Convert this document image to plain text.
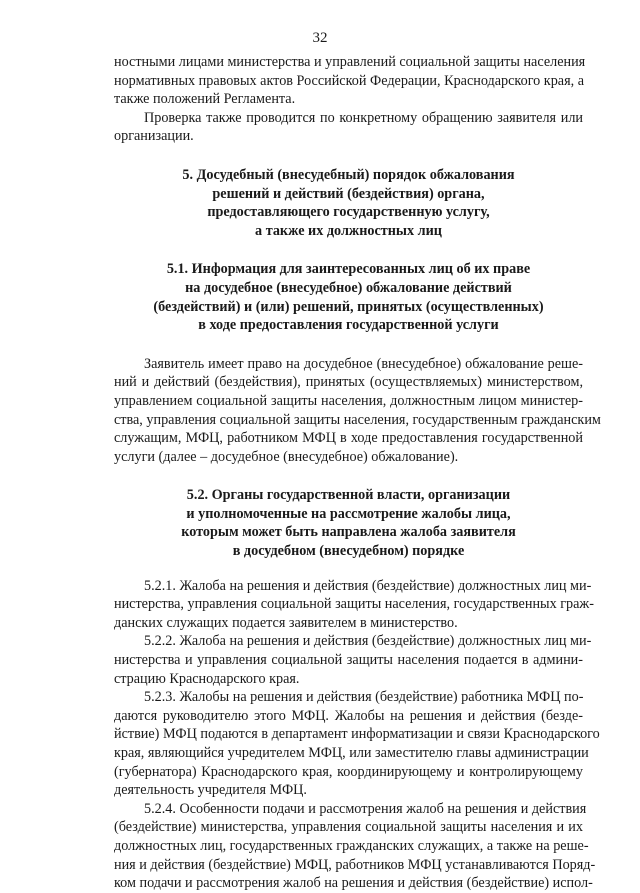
32

ностными лицами министерства и управлений социальной защиты населения
нормативных правовых актов Российской Федерации, Краснодарского края, а
также положений Регламента.

Проверка также проводится по конкретному обращению заявителя или
организации.

5. Досудебный (внесудебный) порядок обжалования
решений и действий (бездействия) органа,
предоставляющего государственную услугу,
а также их должностных лиц

5.1. Информация для заинтересованных лиц об их праве
на досудебное (внесудебное) обжалование действий
(бездействий) и (или) решений, принятых (осуществленных)
в ходе предоставления государственной услуги

Заявитель имеет право на досудебное (внесудебное) обжалование реше-
ний и действий (бездействия), принятых (осуществляемых) министерством,
управлением социальной защиты населения, должностным лицом министер-
ства, управления социальной защиты населения, государственным гражданским
служащим, МФЦ, работником МФЦ в ходе предоставления государственной
услуги (далее – досудебное (внесудебное) обжалование).

5.2. Органы государственной власти, организации
и уполномоченные на рассмотрение жалобы лица,
которым может быть направлена жалоба заявителя
в досудебном (внесудебном) порядке

5.2.1. Жалоба на решения и действия (бездействие) должностных лиц ми-
нистерства, управления социальной защиты населения, государственных граж-
данских служащих подается заявителем в министерство.

5.2.2. Жалоба на решения и действия (бездействие) должностных лиц ми-
нистерства и управления социальной защиты населения подается в админи-
страцию Краснодарского края.

5.2.3. Жалобы на решения и действия (бездействие) работника МФЦ по-
даются руководителю этого МФЦ. Жалобы на решения и действия (безде-
йствие) МФЦ подаются в департамент информатизации и связи Краснодарского
края, являющийся учредителем МФЦ, или заместителю главы администрации
(губернатора) Краснодарского края, координирующему и контролирующему
деятельность учредителя МФЦ.

5.2.4. Особенности подачи и рассмотрения жалоб на решения и действия
(бездействие) министерства, управления социальной защиты населения и их
должностных лиц, государственных гражданских служащих, а также на реше-
ния и действия (бездействие) МФЦ, работников МФЦ устанавливаются Поряд-
ком подачи и рассмотрения жалоб на решения и действия (бездействие) испол-
